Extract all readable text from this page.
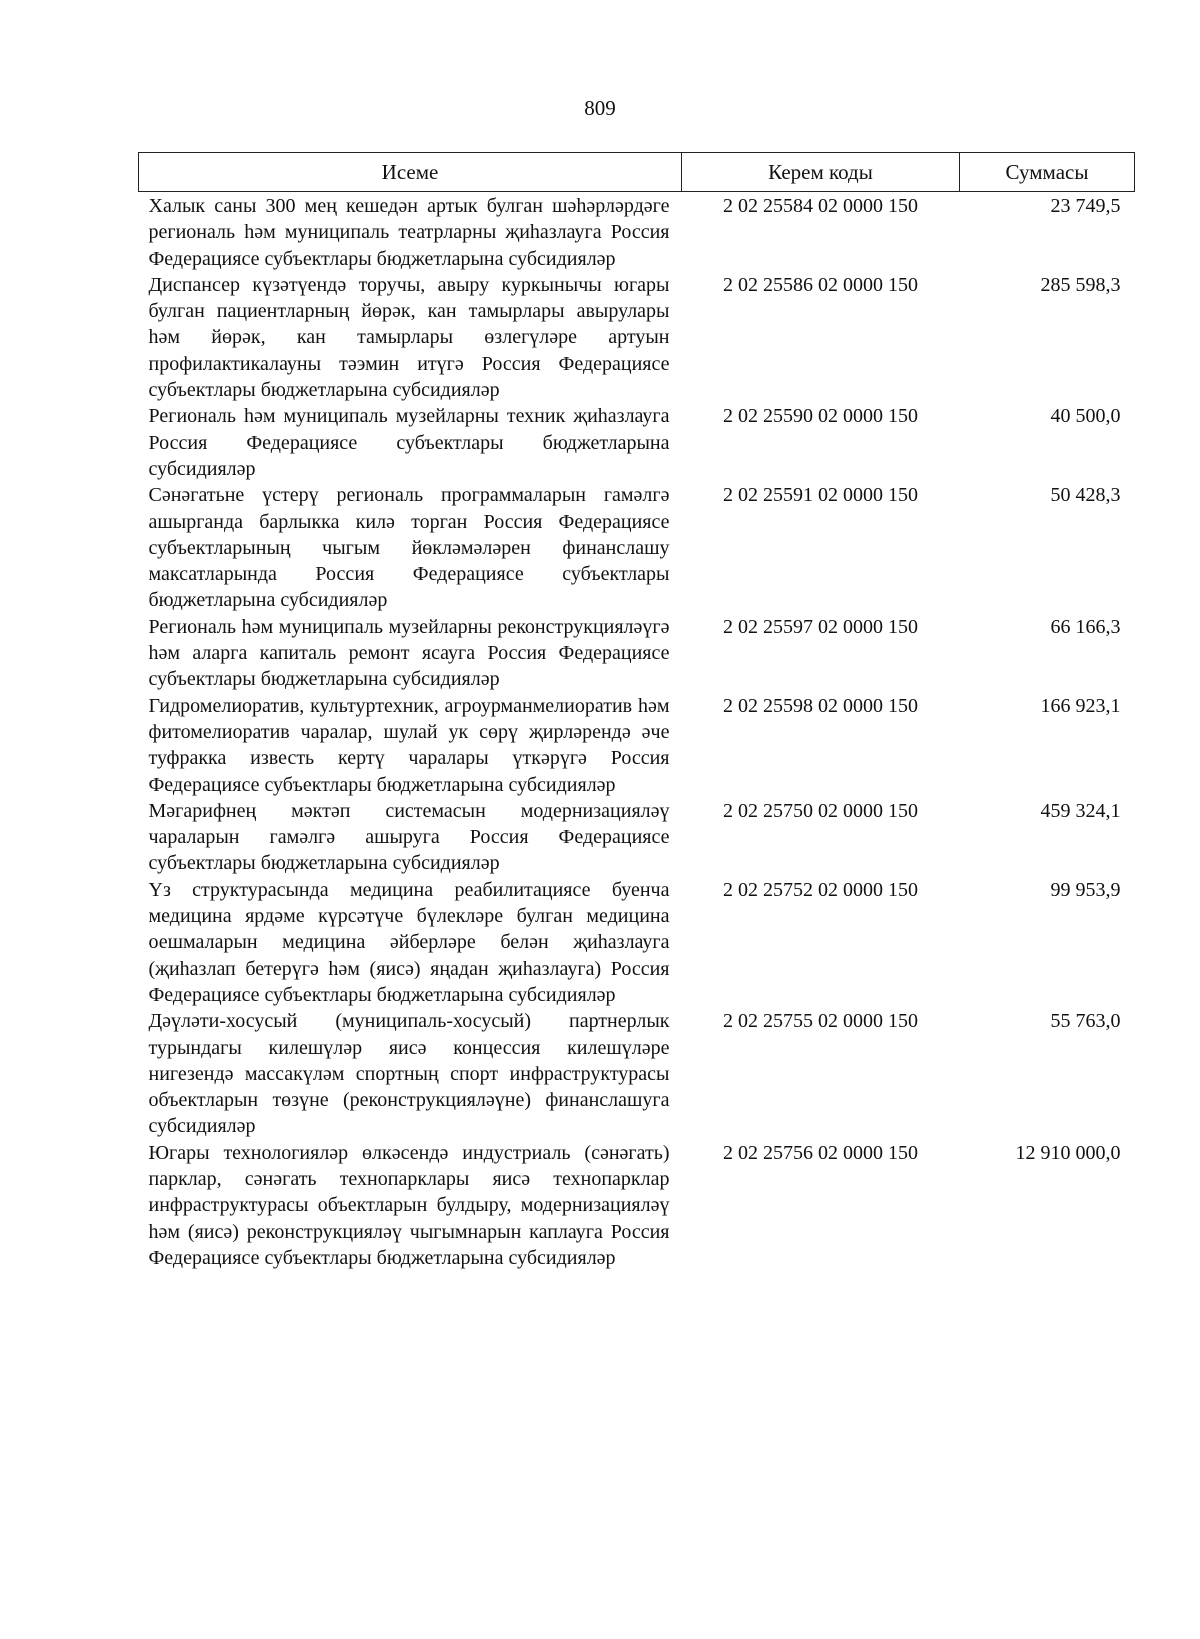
809
Исеме	Керем коды	Суммасы
Халык саны 300 мең кешедән артык булган шәһәрләрдәге региональ һәм муниципаль театрларны җиһазлауга Россия Федерациясе субъектлары бюджетларына субсидияләр	2 02 25584 02 0000 150	23 749,5
Диспансер күзәтүендә торучы, авыру куркынычы югары булган пациентларның йөрәк, кан тамырлары авырулары һәм йөрәк, кан тамырлары өзлегүләре артуын профилактикалауны тәэмин итүгә Россия Федерациясе субъектлары бюджетларына субсидияләр	2 02 25586 02 0000 150	285 598,3
Региональ һәм муниципаль музейларны техник җиһазлауга Россия Федерациясе субъектлары бюджетларына субсидияләр	2 02 25590 02 0000 150	40 500,0
Сәнәгатьне үстерү региональ программаларын гамәлгә ашырганда барлыкка килә торган Россия Федерациясе субъектларының чыгым йөкләмәләрен финанслашу максатларында Россия Федерациясе субъектлары бюджетларына субсидияләр	2 02 25591 02 0000 150	50 428,3
Региональ һәм муниципаль музейларны реконструкцияләүгә һәм аларга капиталь ремонт ясауга Россия Федерациясе субъектлары бюджетларына субсидияләр	2 02 25597 02 0000 150	66 166,3
Гидромелиоратив, культуртехник, агроурманмелиоратив һәм фитомелиоратив чаралар, шулай ук сөрү җирләрендә әче туфракка известь кертү чаралары үткәрүгә Россия Федерациясе субъектлары бюджетларына субсидияләр	2 02 25598 02 0000 150	166 923,1
Мәгарифнең мәктәп системасын модернизацияләү чараларын гамәлгә ашыруга Россия Федерациясе субъектлары бюджетларына субсидияләр	2 02 25750 02 0000 150	459 324,1
Үз структурасында медицина реабилитациясе буенча медицина ярдәме күрсәтүче бүлекләре булган медицина оешмаларын медицина әйберләре белән җиһазлауга (җиһазлап бетерүгә һәм (яисә) яңадан җиһазлауга) Россия Федерациясе субъектлары бюджетларына субсидияләр	2 02 25752 02 0000 150	99 953,9
Дәүләти-хосусый (муниципаль-хосусый) партнерлык турындагы килешүләр яисә концессия килешүләре нигезендә массакүләм спортның спорт инфраструктурасы объектларын төзүне (реконструкцияләүне) финанслашуга субсидияләр	2 02 25755 02 0000 150	55 763,0
Югары технологияләр өлкәсендә индустриаль (сәнәгать) парклар, сәнәгать технопарклары яисә технопарклар инфраструктурасы объектларын булдыру, модернизацияләү һәм (яисә) реконструкцияләү чыгымнарын каплауга Россия Федерациясе субъектлары бюджетларына субсидияләр	2 02 25756 02 0000 150	12 910 000,0
